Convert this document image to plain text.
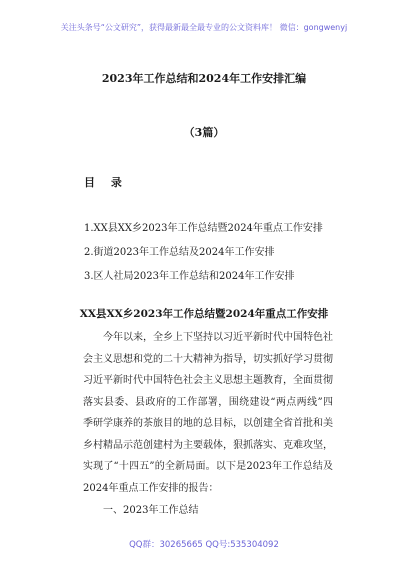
关注头条号“公文研究”，获得最新最全最专业的公文资料库！ 微信：gongwenyj
2023年工作总结和2024年工作安排汇编
（3篇）
目 录
1.XX县XX乡2023年工作总结暨2024年重点工作安排
2.街道2023年工作总结及2024年工作安排
3.区人社局2023年工作总结和2024年工作安排
XX县XX乡2023年工作总结暨2024年重点工作安排

今年以来，全乡上下坚持以习近平新时代中国特色社会主义思想和党的二十大精神为指导，切实抓好学习贯彻习近平新时代中国特色社会主义思想主题教育，全面贯彻落实县委、县政府的工作部署，围绕建设“两点两线”四季研学康养的茶旅目的地的总目标，以创建全省首批和美乡村精品示范创建村为主要载体，狠抓落实、克难攻坚，实现了“十四五”的全新局面。以下是2023年工作总结及2024年重点工作安排的报告：

一、2023年工作总结
QQ群：30265665 QQ号:535304092
